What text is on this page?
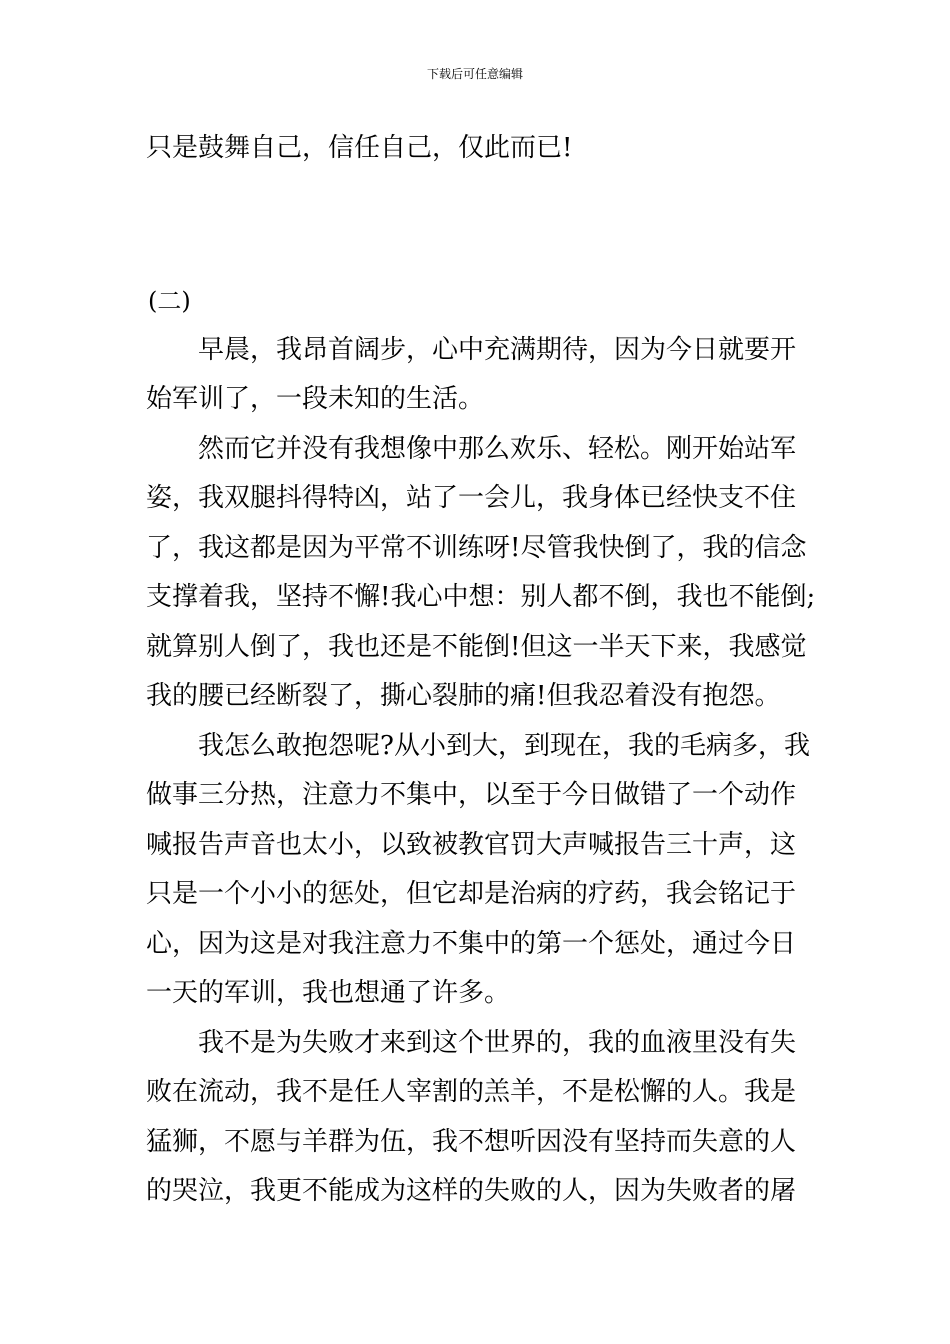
下载后可任意编辑
只是鼓舞自己，信任自己，仅此而已!
(二)
　　早晨，我昂首阔步，心中充满期待，因为今日就要开
始军训了，一段未知的生活。
　　然而它并没有我想像中那么欢乐、轻松。刚开始站军
姿，我双腿抖得特凶，站了一会儿，我身体已经快支不住
了，我这都是因为平常不训练呀!尽管我快倒了，我的信念
支撑着我，坚持不懈!我心中想：别人都不倒，我也不能倒;
就算别人倒了，我也还是不能倒!但这一半天下来，我感觉
我的腰已经断裂了，撕心裂肺的痛!但我忍着没有抱怨。
　　我怎么敢抱怨呢?从小到大，到现在，我的毛病多，我
做事三分热，注意力不集中，以至于今日做错了一个动作
喊报告声音也太小，以致被教官罚大声喊报告三十声，这
只是一个小小的惩处，但它却是治病的疗药，我会铭记于
心，因为这是对我注意力不集中的第一个惩处，通过今日
一天的军训，我也想通了许多。
　　我不是为失败才来到这个世界的，我的血液里没有失
败在流动，我不是任人宰割的羔羊，不是松懈的人。我是
猛狮，不愿与羊群为伍，我不想听因没有坚持而失意的人
的哭泣，我更不能成为这样的失败的人，因为失败者的屠
